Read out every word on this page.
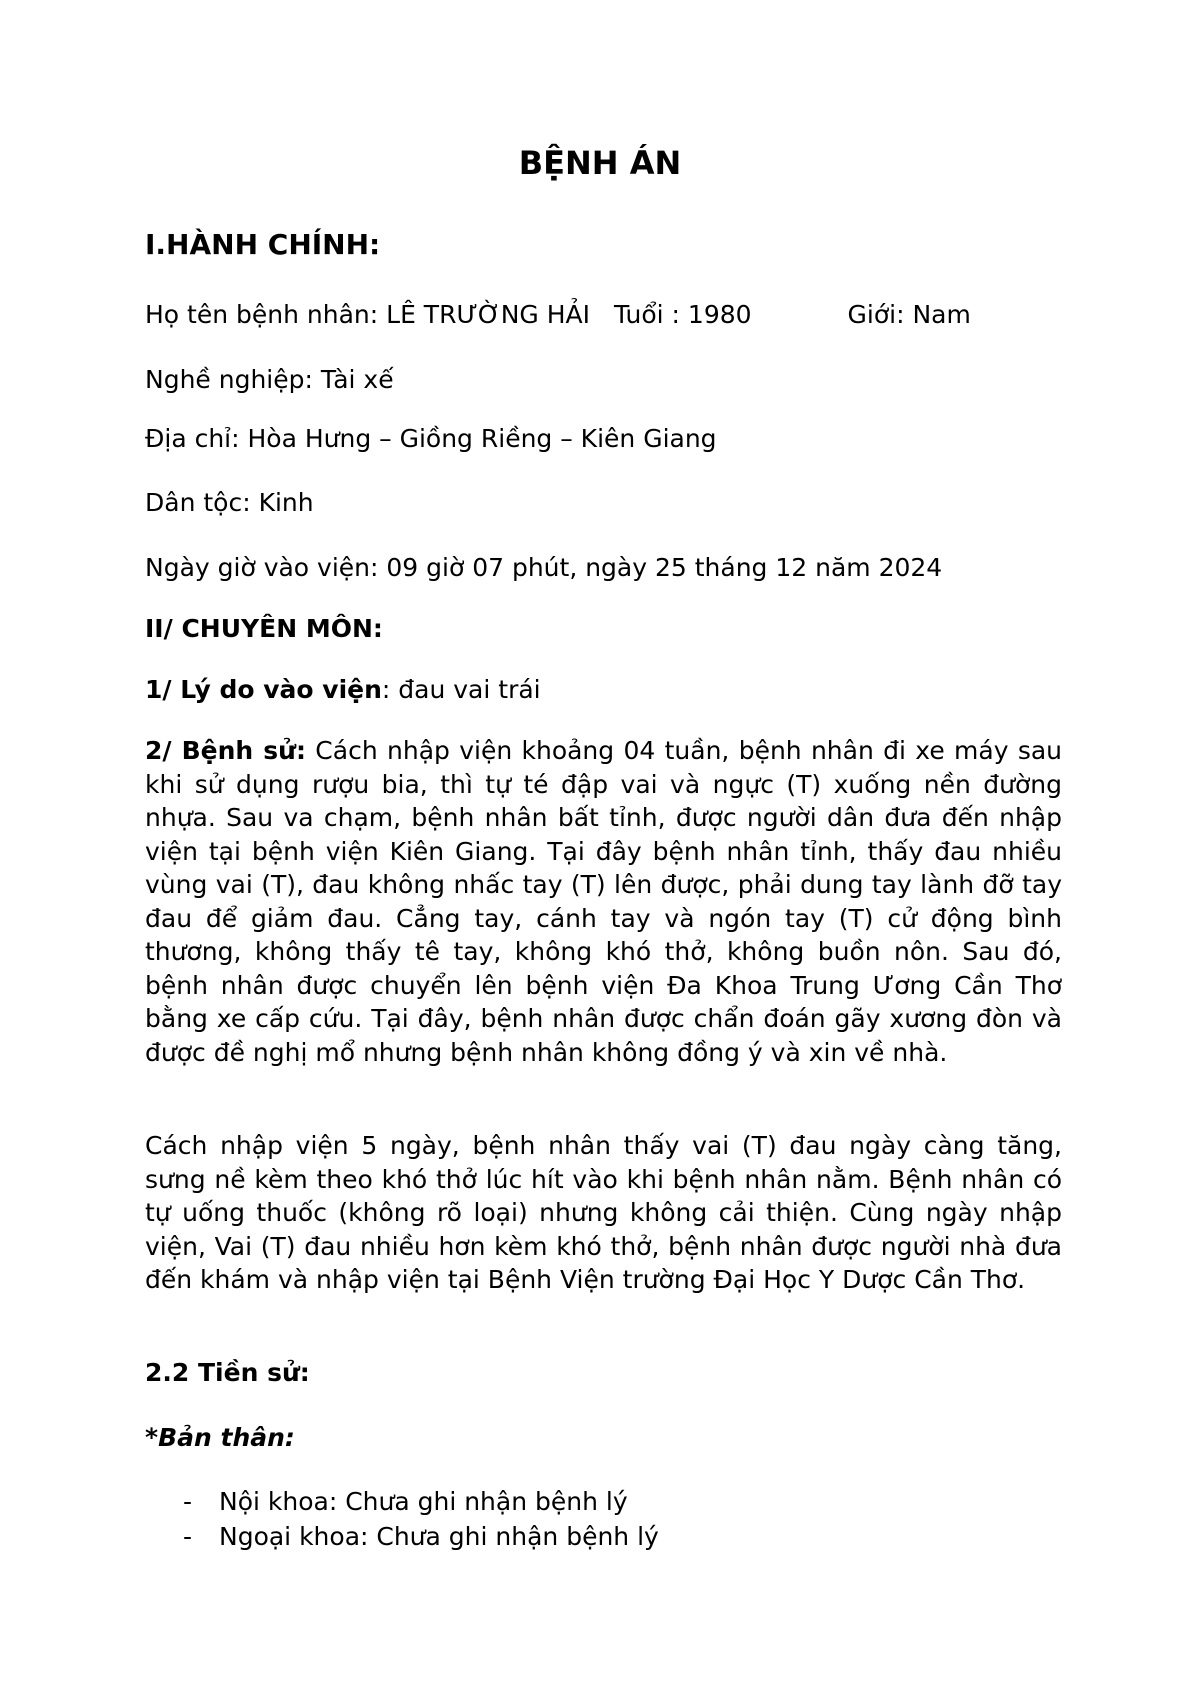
BỆNH ÁN
I.HÀNH CHÍNH:
Họ tên bệnh nhân: LÊ TRƯỜNG HẢI Tuổi : 1980	Giới: Nam
Nghề nghiệp: Tài xế
Địa chỉ: Hòa Hưng – Giồng Riềng – Kiên Giang
Dân tộc: Kinh
Ngày giờ vào viện: 09 giờ 07 phút, ngày 25 tháng 12 năm 2024
II/ CHUYÊN MÔN:
1/ Lý do vào viện: đau vai trái
2/ Bệnh sử: Cách nhập viện khoảng 04 tuần, bệnh nhân đi xe máy sau khi sử dụng rượu bia, thì tự té đập vai và ngực (T) xuống nền đường nhựa. Sau va chạm, bệnh nhân bất tỉnh, được người dân đưa đến nhập viện tại bệnh viện Kiên Giang. Tại đây bệnh nhân tỉnh, thấy đau nhiều vùng vai (T), đau không nhấc tay (T) lên được, phải dung tay lành đỡ tay đau để giảm đau. Cẳng tay, cánh tay và ngón tay (T) cử động bình thương, không thấy tê tay, không khó thở, không buồn nôn. Sau đó, bệnh nhân được chuyển lên bệnh viện Đa Khoa Trung Ương Cần Thơ bằng xe cấp cứu. Tại đây, bệnh nhân được chẩn đoán gãy xương đòn và được đề nghị mổ nhưng bệnh nhân không đồng ý và xin về nhà.
Cách nhập viện 5 ngày, bệnh nhân thấy vai (T) đau ngày càng tăng, sưng nề kèm theo khó thở lúc hít vào khi bệnh nhân nằm. Bệnh nhân có tự uống thuốc (không rõ loại) nhưng không cải thiện. Cùng ngày nhập viện, Vai (T) đau nhiều hơn kèm khó thở, bệnh nhân được người nhà đưa đến khám và nhập viện tại Bệnh Viện trường Đại Học Y Dược Cần Thơ.
2.2 Tiền sử:
*Bản thân:
- Nội khoa: Chưa ghi nhận bệnh lý
- Ngoại khoa: Chưa ghi nhận bệnh lý
